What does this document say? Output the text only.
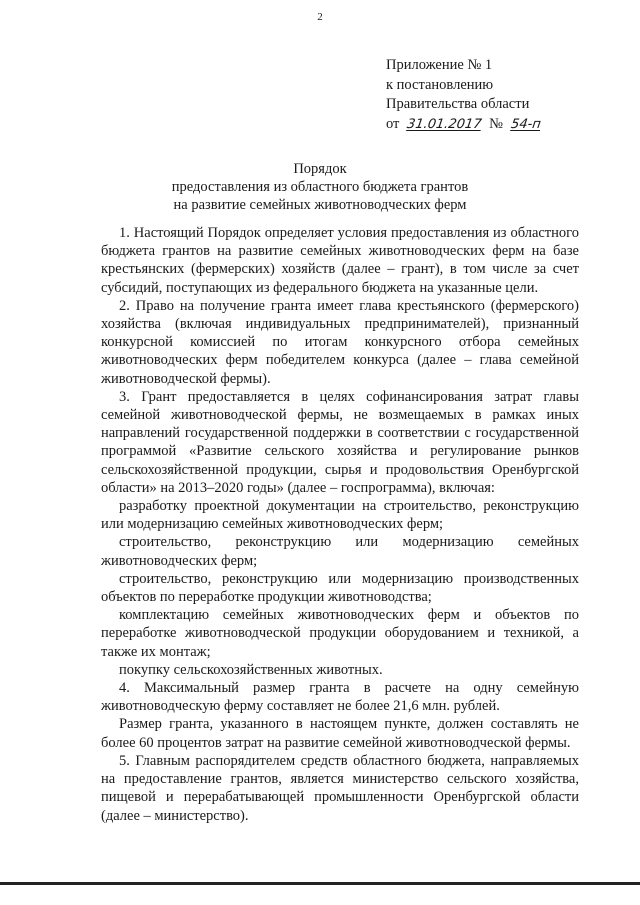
2
Приложение № 1
к постановлению
Правительства области
от 31.01.2017 № 54-п
Порядок
предоставления из областного бюджета грантов
на развитие семейных животноводческих ферм

1. Настоящий Порядок определяет условия предоставления из областного бюджета грантов на развитие семейных животноводческих ферм на базе крестьянских (фермерских) хозяйств (далее – грант), в том числе за счет субсидий, поступающих из федерального бюджета на указанные цели.

2. Право на получение гранта имеет глава крестьянского (фермерского) хозяйства (включая индивидуальных предпринимателей), признанный конкурсной комиссией по итогам конкурсного отбора семейных животноводческих ферм победителем конкурса (далее – глава семейной животноводческой фермы).

3. Грант предоставляется в целях софинансирования затрат главы семейной животноводческой фермы, не возмещаемых в рамках иных направлений государственной поддержки в соответствии с государственной программой «Развитие сельского хозяйства и регулирование рынков сельскохозяйственной продукции, сырья и продовольствия Оренбургской области» на 2013–2020 годы» (далее – госпрограмма), включая:

разработку проектной документации на строительство, реконструкцию или модернизацию семейных животноводческих ферм;

строительство, реконструкцию или модернизацию семейных животноводческих ферм;

строительство, реконструкцию или модернизацию производственных объектов по переработке продукции животноводства;

комплектацию семейных животноводческих ферм и объектов по переработке животноводческой продукции оборудованием и техникой, а также их монтаж;

покупку сельскохозяйственных животных.

4. Максимальный размер гранта в расчете на одну семейную животноводческую ферму составляет не более 21,6 млн. рублей.

Размер гранта, указанного в настоящем пункте, должен составлять не более 60 процентов затрат на развитие семейной животноводческой фермы.

5. Главным распорядителем средств областного бюджета, направляемых на предоставление грантов, является министерство сельского хозяйства, пищевой и перерабатывающей промышленности Оренбургской области (далее – министерство).
